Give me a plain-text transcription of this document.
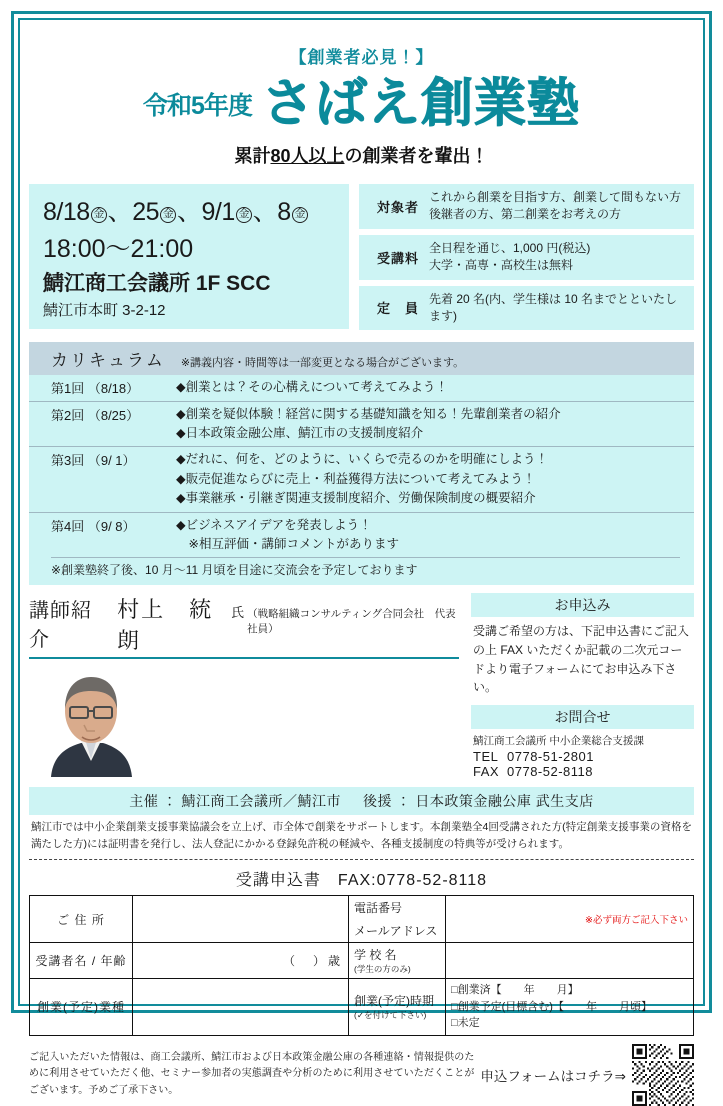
【創業者必見！】
令和5年度 さばえ創業塾
累計80人以上の創業者を輩出！
8/18 金 、25 金 、9/1 金 、8 金
18:00～21:00
鯖江商工会議所 1F SCC
鯖江市本町 3-2-12
対象者
これから創業を目指す方、創業して間もない方
後継者の方、第二創業をお考えの方
受講料
全日程を通じ、1,000 円(税込)
大学・高専・高校生は無料
定　員
先着 20 名(内、学生様は 10 名までとといたします)
カリキュラム ※講義内容・時間等は一部変更となる場合がございます。
第1回 （8/18）	◆創業とは？その心構えについて考えてみよう！
第2回 （8/25）	◆創業を疑似体験！経営に関する基礎知識を知る！先輩創業者の紹介
◆日本政策金融公庫、鯖江市の支援制度紹介
第3回 （9/ 1）	◆だれに、何を、どのように、いくらで売るのかを明確にしよう！
◆販売促進ならびに売上・利益獲得方法について考えてみよう！
◆事業継承・引継ぎ関連支援制度紹介、労働保険制度の概要紹介
第4回 （9/ 8）	◆ビジネスアイデアを発表しよう！
　※相互評価・講師コメントがあります
※創業塾終了後、10 月～11 月頃を目途に交流会を予定しております
講師紹介
村上　統朗
氏 （戦略組織コンサルティング合同会社　代表社員）
お申込み
受講ご希望の方は、下記申込書にご記入の上 FAX いただくか記載の二次元コードより電子フォームにてお申込み下さい。
お問合せ
鯖江商工会議所 中小企業総合支援課
TEL 0778-51-2801
FAX 0778-52-8118
主催 ： 鯖江商工会議所／鯖江市 後援 ： 日本政策金融公庫 武生支店
鯖江市では中小企業創業支援事業協議会を立上げ、市全体で創業をサポートします。本創業塾全4回受講された方(特定創業支援事業の資格を満たした方)には証明書を発行し、法人登記にかかる登録免許税の軽減や、各種支援制度の特典等が受けられます。
受講申込書　FAX:0778-52-8118
ご 住 所		電話番号
メールアドレス	※必ず両方ご記入下さい

受講者名 / 年齢	（　）歳	学 校 名
(学生の方のみ)	

創業(予定)業種		創業(予定)時期
(✓を付けて下さい)

□創業済【　　年　　月】
□創業予定(目標含む)【　　年　　月頃】
□未定
ご記入いただいた情報は、商工会議所、鯖江市および日本政策金融公庫の各種連絡・情報提供のために利用させていただく他、セミナー参加者の実態調査や分析のために利用させていただくことがございます。予めご了承下さい。
申込フォームはコチラ⇒
